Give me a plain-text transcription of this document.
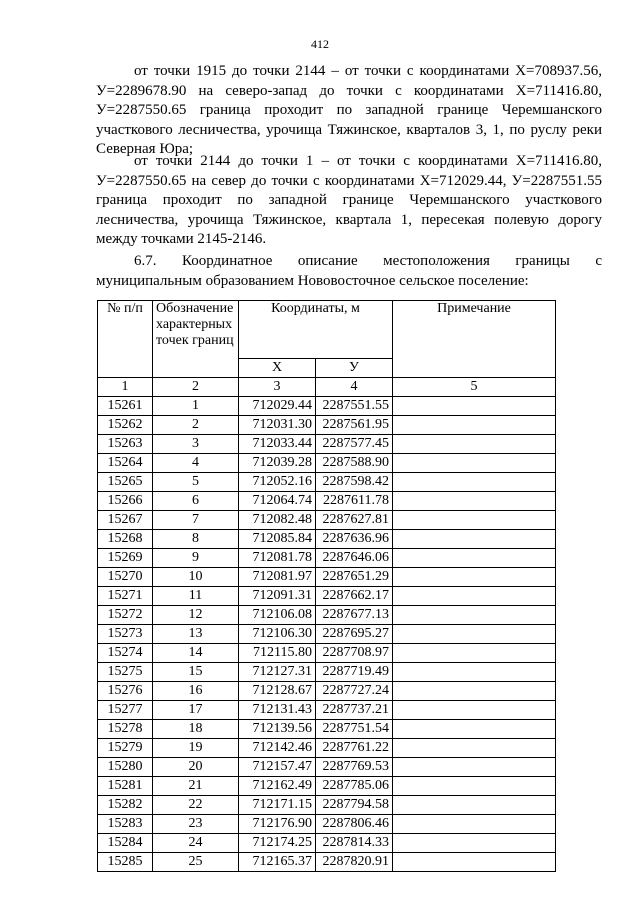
412

от точки 1915 до точки 2144 – от точки с координатами Х=708937.56, У=2289678.90 на северо-запад до точки с координатами Х=711416.80, У=2287550.65 граница проходит по западной границе Черемшанского участкового лесничества, урочища Тяжинское, кварталов 3, 1, по руслу реки Северная Юра;

от точки 2144 до точки 1 – от точки с координатами Х=711416.80, У=2287550.65 на север до точки с координатами Х=712029.44, У=2287551.55 граница проходит по западной границе Черемшанского участкового лесничества, урочища Тяжинское, квартала 1, пересекая полевую дорогу между точками 2145-2146.

6.7. Координатное описание местоположения границы с муниципальным образованием Нововосточное сельское поселение:

№ п/п	Обозначение характерных точек границ	Координаты, м		Примечание
		Х	У	
1	2	3	4	5
15261	1	712029.44	2287551.55	
15262	2	712031.30	2287561.95	
15263	3	712033.44	2287577.45	
15264	4	712039.28	2287588.90	
15265	5	712052.16	2287598.42	
15266	6	712064.74	2287611.78	
15267	7	712082.48	2287627.81	
15268	8	712085.84	2287636.96	
15269	9	712081.78	2287646.06	
15270	10	712081.97	2287651.29	
15271	11	712091.31	2287662.17	
15272	12	712106.08	2287677.13	
15273	13	712106.30	2287695.27	
15274	14	712115.80	2287708.97	
15275	15	712127.31	2287719.49	
15276	16	712128.67	2287727.24	
15277	17	712131.43	2287737.21	
15278	18	712139.56	2287751.54	
15279	19	712142.46	2287761.22	
15280	20	712157.47	2287769.53	
15281	21	712162.49	2287785.06	
15282	22	712171.15	2287794.58	
15283	23	712176.90	2287806.46	
15284	24	712174.25	2287814.33	
15285	25	712165.37	2287820.91	
